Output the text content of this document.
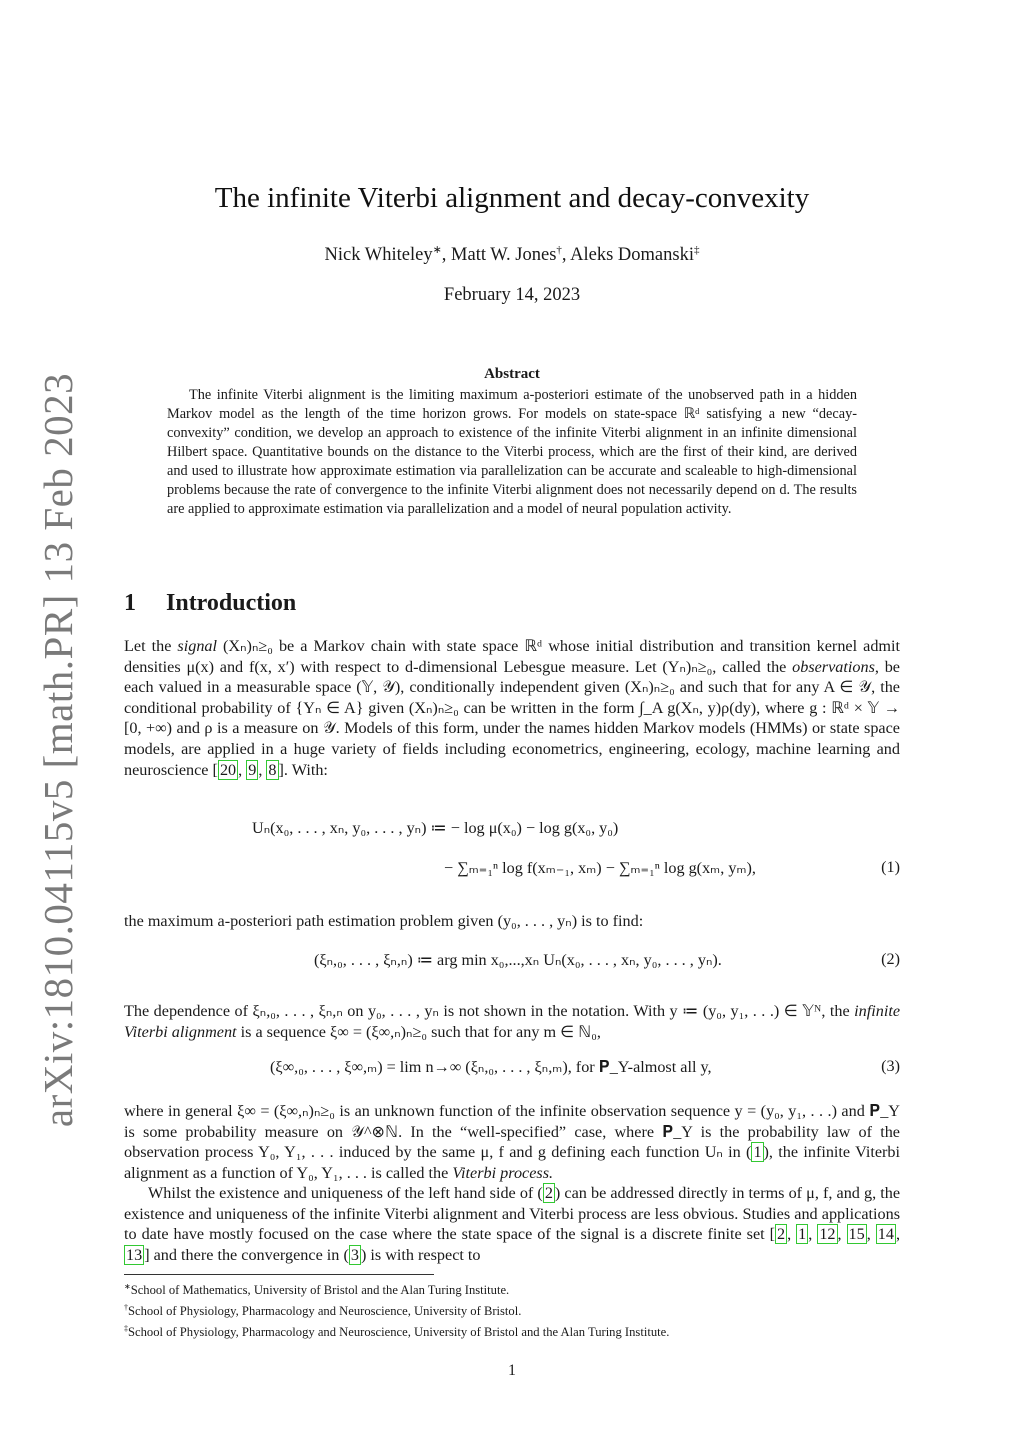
arXiv:1810.04115v5 [math.PR] 13 Feb 2023
The infinite Viterbi alignment and decay-convexity
Nick Whiteley∗, Matt W. Jones†, Aleks Domanski‡
February 14, 2023
Abstract
The infinite Viterbi alignment is the limiting maximum a-posteriori estimate of the unobserved path in a hidden Markov model as the length of the time horizon grows. For models on state-space ℝᵈ satisfying a new “decay-convexity” condition, we develop an approach to existence of the infinite Viterbi alignment in an infinite dimensional Hilbert space. Quantitative bounds on the distance to the Viterbi process, which are the first of their kind, are derived and used to illustrate how approximate estimation via parallelization can be accurate and scaleable to high-dimensional problems because the rate of convergence to the infinite Viterbi alignment does not necessarily depend on d. The results are applied to approximate estimation via parallelization and a model of neural population activity.
1 Introduction
Let the signal (Xₙ)ₙ≥₀ be a Markov chain with state space ℝᵈ whose initial distribution and transition kernel admit densities μ(x) and f(x, x′) with respect to d-dimensional Lebesgue measure. Let (Yₙ)ₙ≥₀, called the observations, be each valued in a measurable space (𝕐, 𝒴), conditionally independent given (Xₙ)ₙ≥₀ and such that for any A ∈ 𝒴, the conditional probability of {Yₙ ∈ A} given (Xₙ)ₙ≥₀ can be written in the form ∫_A g(Xₙ, y)ρ(dy), where g : ℝᵈ × 𝕐 → [0, +∞) and ρ is a measure on 𝒴. Models of this form, under the names hidden Markov models (HMMs) or state space models, are applied in a huge variety of fields including econometrics, engineering, ecology, machine learning and neuroscience [ 20 , 9 , 8 ]. With:
Uₙ(x₀, . . . , xₙ, y₀, . . . , yₙ) ≔ − log μ(x₀) − log g(x₀, y₀)
− ∑ₘ₌₁ⁿ log f(xₘ₋₁, xₘ) − ∑ₘ₌₁ⁿ log g(xₘ, yₘ),	(1)
the maximum a-posteriori path estimation problem given (y₀, . . . , yₙ) is to find:
(ξₙ,₀, . . . , ξₙ,ₙ) ≔ arg min x₀,...,xₙ Uₙ(x₀, . . . , xₙ, y₀, . . . , yₙ).	(2)
The dependence of ξₙ,₀, . . . , ξₙ,ₙ on y₀, . . . , yₙ is not shown in the notation. With y ≔ (y₀, y₁, . . .) ∈ 𝕐ᴺ, the infinite Viterbi alignment is a sequence ξ∞ = (ξ∞,ₙ)ₙ≥₀ such that for any m ∈ ℕ₀,
(ξ∞,₀, . . . , ξ∞,ₘ) = lim n→∞ (ξₙ,₀, . . . , ξₙ,ₘ), for 𝐏_Y-almost all y,	(3)
where in general ξ∞ = (ξ∞,ₙ)ₙ≥₀ is an unknown function of the infinite observation sequence y = (y₀, y₁, . . .) and 𝐏_Y is some probability measure on 𝒴^⊗ℕ. In the “well-specified” case, where 𝐏_Y is the probability law of the observation process Y₀, Y₁, . . . induced by the same μ, f and g defining each function Uₙ in ( 1 ), the infinite Viterbi alignment as a function of Y₀, Y₁, . . . is called the Viterbi process.
Whilst the existence and uniqueness of the left hand side of ( 2 ) can be addressed directly in terms of μ, f, and g, the existence and uniqueness of the infinite Viterbi alignment and Viterbi process are less obvious. Studies and applications to date have mostly focused on the case where the state space of the signal is a discrete finite set [ 2 , 1 , 12 , 15 , 14 , 13 ] and there the convergence in ( 3 ) is with respect to
∗School of Mathematics, University of Bristol and the Alan Turing Institute.
†School of Physiology, Pharmacology and Neuroscience, University of Bristol.
‡School of Physiology, Pharmacology and Neuroscience, University of Bristol and the Alan Turing Institute.
1
